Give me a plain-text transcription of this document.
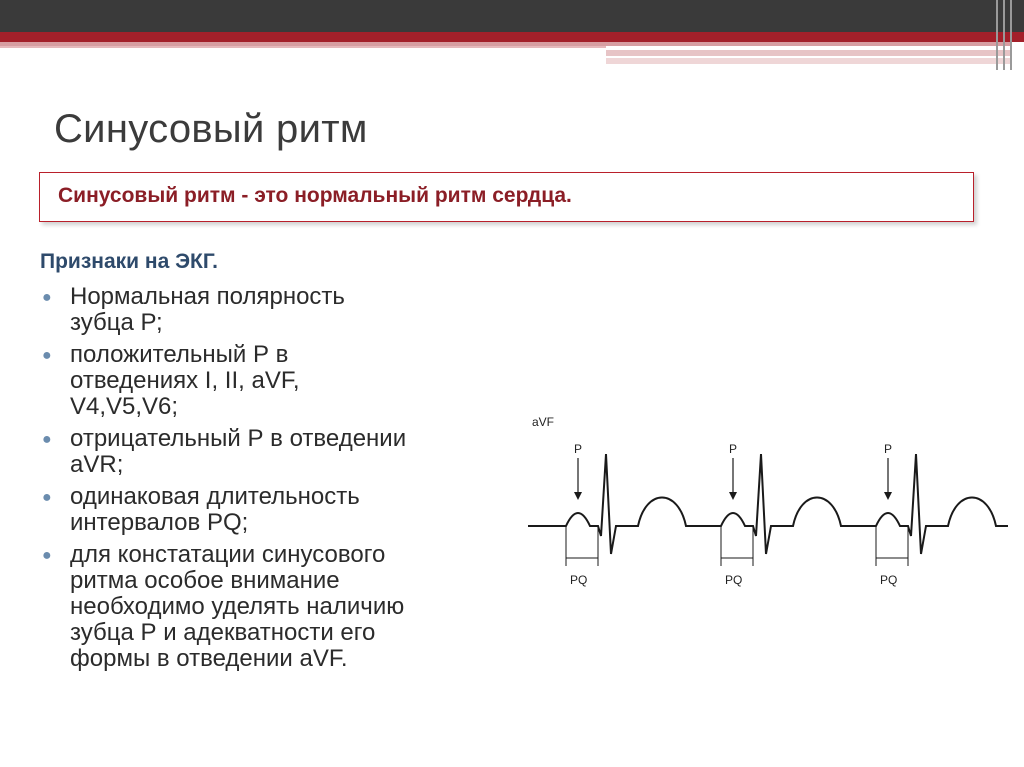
Синусовый ритм
Синусовый ритм - это нормальный ритм сердца.
Признаки на ЭКГ.
● Нормальная полярность
зубца Р;
● положительный Р в
отведениях I, II, aVF,
V4,V5,V6;
● отрицательный Р в отведении
aVR;
● одинаковая длительность
интервалов PQ;
● для констатации синусового
ритма особое внимание
необходимо уделять наличию
зубца Р и адекватности его
формы в отведении aVF.
aVF
P
PQ
P
PQ
P
PQ
